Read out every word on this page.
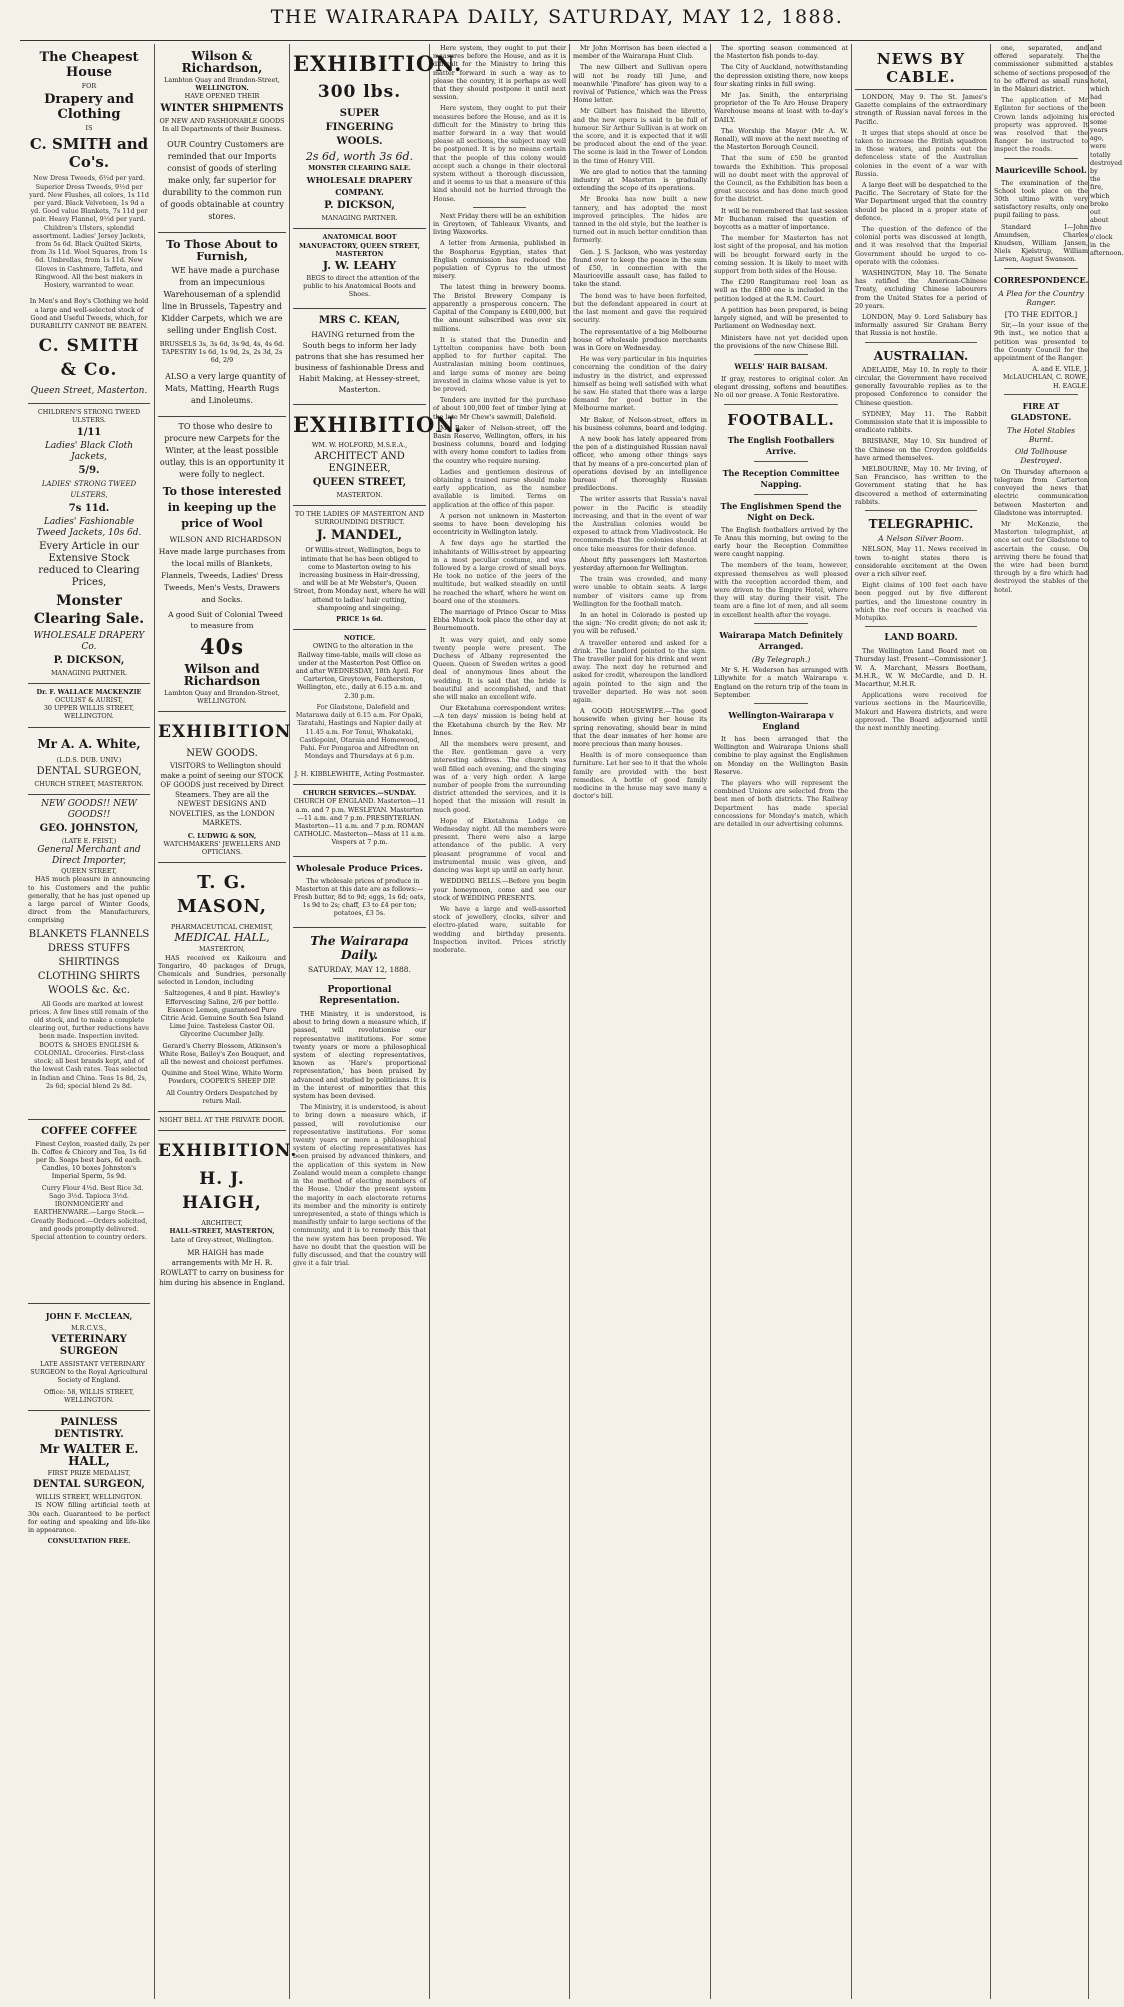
THE WAIRARAPA DAILY, SATURDAY, MAY 12, 1888.
The Cheapest House
FOR
Drapery and Clothing
IS
C. SMITH and Co's.
New Dress Tweeds, 6½d per yard. Superior Dress Tweeds, 9½d per yard. New Flushes, all colors, 1s 11d per yard. Black Velveteen, 1s 9d a yd. Good value Blankets, 7s 11d per pair. Heavy Flannel, 9½d per yard. Children's Ulsters, splendid assortment. Ladies' Jersey Jackets, from 5s 6d. Black Quilted Skirts, from 3s 11d. Wool Squares, from 1s 6d. Umbrellas, from 1s 11d. New Gloves in Cashmere, Taffeta, and Ringwood. All the best makers in Hosiery, warranted to wear.
In Men's and Boy's Clothing we hold a large and well-selected stock of Good and Useful Tweeds, which, for DURABILITY CANNOT BE BEATEN.
C. SMITH & Co.
Queen Street, Masterton.
CHILDREN'S STRONG TWEED ULSTERS.
1/11
Ladies' Black Cloth Jackets,
5/9.
LADIES' STRONG TWEED ULSTERS,
7s 11d.
Ladies' Fashionable Tweed Jackets, 10s 6d.
Every Article in our Extensive Stock reduced to Clearing Prices,
Monster Clearing Sale.
WHOLESALE DRAPERY Co.
P. DICKSON,
MANAGING PARTNER.
Dr. F. WALLACE MACKENZIE
OCULIST & AURIST,
30 UPPER WILLIS STREET, WELLINGTON.
Mr A. A. White,
(L.D.S. DUB. UNIV.)
DENTAL SURGEON,
CHURCH STREET, MASTERTON.
NEW GOODS!! NEW GOODS!!
GEO. JOHNSTON,
(LATE E. FEIST,)
General Merchant and Direct Importer,
QUEEN STREET,
HAS much pleasure in announcing to his Customers and the public generally, that he has just opened up a large parcel of Winter Goods, direct from the Manufacturers, comprising
BLANKETS FLANNELS DRESS STUFFS SHIRTINGS CLOTHING SHIRTS WOOLS &c. &c.
All Goods are marked at lowest prices. A few lines still remain of the old stock, and to make a complete clearing out, further reductions have been made. Inspection invited. BOOTS & SHOES ENGLISH & COLONIAL. Groceries. First-class stock; all best brands kept, and of the lowest Cash rates. Teas selected in Indian and China. Teas 1s 8d, 2s, 2s 6d; special blend 2s 8d.
COFFEE COFFEE
Finest Ceylon, roasted daily, 2s per lb. Coffee & Chicory and Tea, 1s 6d per lb. Soaps best bars, 6d each. Candles, 10 boxes Johnston's Imperial Sperm, 5s 9d.
Curry Flour 4½d. Best Rice 3d. Sago 3½d. Tapioca 3½d. IRONMONGERY and EARTHENWARE.—Large Stock.—Greatly Reduced.—Orders solicited, and goods promptly delivered. Special attention to country orders.
JOHN F. McCLEAN,
M.R.C.V.S.,
VETERINARY SURGEON
LATE ASSISTANT VETERINARY SURGEON to the Royal Agricultural Society of England.
Office: 58, WILLIS STREET, WELLINGTON.
PAINLESS DENTISTRY.
Mr WALTER E. HALL,
FIRST PRIZE MEDALIST,
DENTAL SURGEON,
WILLIS STREET, WELLINGTON.
IS NOW filling artificial teeth at 30s each. Guaranteed to be perfect for eating and speaking and life-like in appearance.
CONSULTATION FREE.
Wilson & Richardson,
Lambton Quay and Brandon-Street,
WELLINGTON.
HAVE OPENED THEIR
WINTER SHIPMENTS
OF NEW AND FASHIONABLE GOODS
In all Departments of their Business.
OUR Country Customers are reminded that our Imports consist of goods of sterling make only, far superior for durability to the common run of goods obtainable at country stores.
To Those About to Furnish,
WE have made a purchase from an impecunious Warehouseman of a splendid line in Brussels, Tapestry and Kidder Carpets, which we are selling under English Cost.
BRUSSELS 3s, 3s 6d, 3s 9d, 4s, 4s 6d.
TAPESTRY 1s 6d, 1s 9d, 2s, 2s 3d, 2s 6d, 2/9
ALSO a very large quantity of Mats, Matting, Hearth Rugs and Linoleums.
TO those who desire to procure new Carpets for the Winter, at the least possible outlay, this is an opportunity it were folly to neglect.
To those interested in keeping up the price of Wool
WILSON AND RICHARDSON Have made large purchases from the local mills of Blankets, Flannels, Tweeds, Ladies' Dress Tweeds, Men's Vests, Drawers and Socks.
A good Suit of Colonial Tweed to measure from
40s
Wilson and Richardson
Lambton Quay and Brandon-Street,
WELLINGTON.
EXHIBITION
NEW GOODS.
VISITORS to Wellington should make a point of seeing our STOCK OF GOODS just received by Direct Steamers. They are all the NEWEST DESIGNS AND NOVELTIES, as the LONDON MARKETS.
C. LUDWIG & SON,
WATCHMAKERS' JEWELLERS AND OPTICIANS.
T. G. MASON,
PHARMACEUTICAL CHEMIST,
MEDICAL HALL,
MASTERTON,
HAS received ex Kaikoura and Tongariro, 40 packages of Drugs, Chemicals and Sundries, personally selected in London, including
Saltzogenes, 4 and 8 pint. Hawley's Effervescing Saline, 2/6 per bottle. Essence Lemon, guaranteed Pure Citric Acid. Genuine South Sea Island Lime Juice. Tasteless Castor Oil. Glycerine Cucumber Jelly.
Gerard's Cherry Blossom, Atkinson's White Rose, Bailey's Zeo Bouquet, and all the newest and choicest perfumes.
Quinine and Steel Wine, White Worm Powders, COOPER'S SHEEP DIP.
All Country Orders Despatched by return Mail.
NIGHT BELL AT THE PRIVATE DOOR.
EXHIBITION.
H. J. HAIGH,
ARCHITECT,
HALL-STREET, MASTERTON,
Late of Grey-street, Wellington.
MR HAIGH has made arrangements with Mr H. R. ROWLATT to carry on business for him during his absence in England.
EXHIBITION.
300 lbs.
SUPER
FINGERING
WOOLS.
2s 6d, worth 3s 6d.
MONSTER CLEARING SALE.
WHOLESALE DRAPERY COMPANY.
P. DICKSON,
MANAGING PARTNER.
ANATOMICAL BOOT MANUFACTORY, QUEEN STREET, MASTERTON
J. W. LEAHY
BEGS to direct the attention of the public to his Anatomical Boots and Shoes.
MRS C. KEAN,
HAVING returned from the South begs to inform her lady patrons that she has resumed her business of fashionable Dress and Habit Making, at Hessey-street, Masterton.
EXHIBITION.
WM. W. HOLFORD, M.S.E.A.,
ARCHITECT AND ENGINEER,
QUEEN STREET,
MASTERTON.
TO THE LADIES OF MASTERTON AND SURROUNDING DISTRICT.
J. MANDEL,
Of Willis-street, Wellington, begs to intimate that he has been obliged to come to Masterton owing to his increasing business in Hair-dressing, and will be at Mr Webster's, Queen Street, from Monday next, where he will attend to ladies' hair cutting, shampooing and singeing.
PRICE 1s 6d.
NOTICE.
OWING to the alteration in the Railway time-table, mails will close as under at the Masterton Post Office on and after WEDNESDAY, 18th April. For Carterton, Greytown, Featherston, Wellington, etc., daily at 6.15 a.m. and 2.30 p.m.
For Gladstone, Dalefield and Matarawa daily at 6.15 a.m. For Opaki, Taratahi, Hastings and Napier daily at 11.45 a.m. For Tenui, Whakataki, Castlepoint, Otaraia and Homewood, Pahi. For Pongaroa and Alfredton on Mondays and Thursdays at 6 p.m.
J. H. KIBBLEWHITE, Acting Postmaster.
CHURCH SERVICES.—SUNDAY.
CHURCH OF ENGLAND. Masterton—11 a.m. and 7 p.m. WESLEYAN. Masterton—11 a.m. and 7 p.m. PRESBYTERIAN. Masterton—11 a.m. and 7 p.m. ROMAN CATHOLIC. Masterton—Mass at 11 a.m. Vespers at 7 p.m.
Wholesale Produce Prices.
The wholesale prices of produce in Masterton at this date are as follows:—Fresh butter, 8d to 9d; eggs, 1s 6d; oats, 1s 9d to 2s; chaff, £3 to £4 per ton; potatoes, £3 5s.
The Wairarapa Daily.
SATURDAY, MAY 12, 1888.
Proportional Representation.
THE Ministry, it is understood, is about to bring down a measure which, if passed, will revolutionise our representative institutions. For some twenty years or more a philosophical system of electing representatives, known as 'Hare's proportional representation,' has been praised by advanced and studied by politicians. It is in the interest of minorities that this system has been devised.
The Ministry, it is understood, is about to bring down a measure which, if passed, will revolutionise our representative institutions. For some twenty years or more a philosophical system of electing representatives has been praised by advanced thinkers, and the application of this system in New Zealand would mean a complete change in the method of electing members of the House. Under the present system the majority in each electorate returns its member and the minority is entirely unrepresented, a state of things which is manifestly unfair to large sections of the community, and it is to remedy this that the new system has been proposed. We have no doubt that the question will be fully discussed, and that the country will give it a fair trial.
Here system, they ought to put their measures before the House, and as it is difficult for the Ministry to bring this matter forward in such a way as to please the country, it is perhaps as well that they should postpone it until next session.
Here system, they ought to put their measures before the House, and as it is difficult for the Ministry to bring this matter forward in a way that would please all sections, the subject may well be postponed. It is by no means certain that the people of this colony would accept such a change in their electoral system without a thorough discussion, and it seems to us that a measure of this kind should not be hurried through the House.
Next Friday there will be an exhibition in Greytown, of Tableaux Vivants, and living Waxworks.
A letter from Armenia, published in the Bosphorus Egyptian, states that English commission has reduced the population of Cyprus to the utmost misery.
The latest thing in brewery booms. The Bristol Brewery Company is apparently a prosperous concern. The Capital of the Company is £400,000, but the amount subscribed was over six millions.
It is stated that the Dunedin and Lyttelton companies have both been applied to for further capital. The Australasian mining boom continues, and large sums of money are being invested in claims whose value is yet to be proved.
Tenders are invited for the purchase of about 100,000 feet of timber lying at the late Mr Chew's sawmill, Dalefield.
Mr Baker of Nelson-street, off the Basin Reserve, Wellington, offers, in his business columns, board and lodging with every home comfort to ladies from the country who require nursing.
Ladies and gentlemen desirous of obtaining a trained nurse should make early application, as the number available is limited. Terms on application at the office of this paper.
A person not unknown in Masterton seems to have been developing his eccentricity in Wellington lately.
A few days ago he startled the inhabitants of Willis-street by appearing in a most peculiar costume, and was followed by a large crowd of small boys. He took no notice of the jeers of the multitude, but walked steadily on until he reached the wharf, where he went on board one of the steamers.
The marriage of Prince Oscar to Miss Ebba Munck took place the other day at Bournemouth.
It was very quiet, and only some twenty people were present. The Duchess of Albany represented the Queen. Queen of Sweden writes a good deal of anonymous lines about the wedding. It is said that the bride is beautiful and accomplished, and that she will make an excellent wife.
Our Eketahuna correspondent writes:—A ten days' mission is being held at the Eketahuna church by the Rev. Mr Innes.
All the members were present, and the Rev. gentleman gave a very interesting address. The church was well filled each evening, and the singing was of a very high order. A large number of people from the surrounding district attended the services, and it is hoped that the mission will result in much good.
Hope of Eketahuna Lodge on Wednesday night. All the members were present. There were also a large attendance of the public. A very pleasant programme of vocal and instrumental music was given, and dancing was kept up until an early hour.
WEDDING BELLS.—Before you begin your honeymoon, come and see our stock of WEDDING PRESENTS.
We have a large and well-assorted stock of jewellery, clocks, silver and electro-plated ware, suitable for wedding and birthday presents. Inspection invited. Prices strictly moderate.
Mr John Morrison has been elected a member of the Wairarapa Hunt Club.
The new Gilbert and Sullivan opera will not be ready till June, and meanwhile 'Pinafore' has given way to a revival of 'Patience,' which was the Press Home letter.
Mr Gilbert has finished the libretto, and the new opera is said to be full of humour. Sir Arthur Sullivan is at work on the score, and it is expected that it will be produced about the end of the year. The scene is laid in the Tower of London in the time of Henry VIII.
We are glad to notice that the tanning industry at Masterton is gradually extending the scope of its operations.
Mr Brooks has now built a new tannery, and has adopted the most improved principles. The hides are tanned in the old style, but the leather is turned out in much better condition than formerly.
Gen. J. S. Jackson, who was yesterday found over to keep the peace in the sum of £50, in connection with the Mauriceville assault case, has failed to take the stand.
The bond was to have been forfeited, but the defendant appeared in court at the last moment and gave the required security.
The representative of a big Melbourne house of wholesale produce merchants was in Gore on Wednesday.
He was very particular in his inquiries concerning the condition of the dairy industry in the district, and expressed himself as being well satisfied with what he saw. He stated that there was a large demand for good butter in the Melbourne market.
Mr Baker, of Nelson-street, offers in his business columns, board and lodging.
A new book has lately appeared from the pen of a distinguished Russian naval officer, who among other things says that by means of a pre-concerted plan of operations devised by an intelligence bureau of thoroughly Russian predilections.
The writer asserts that Russia's naval power in the Pacific is steadily increasing, and that in the event of war the Australian colonies would be exposed to attack from Vladivostock. He recommends that the colonies should at once take measures for their defence.
About fifty passengers left Masterton yesterday afternoon for Wellington.
The train was crowded, and many were unable to obtain seats. A large number of visitors came up from Wellington for the football match.
In an hotel in Colorado is posted up the sign: 'No credit given; do not ask it; you will be refused.'
A traveller entered and asked for a drink. The landlord pointed to the sign. The traveller paid for his drink and went away. The next day he returned and asked for credit, whereupon the landlord again pointed to the sign and the traveller departed. He was not seen again.
A GOOD HOUSEWIFE.—The good housewife when giving her house its spring renovating, should bear in mind that the dear inmates of her home are more precious than many houses.
Health is of more consequence than furniture. Let her see to it that the whole family are provided with the best remedies. A bottle of good family medicine in the house may save many a doctor's bill.
The sporting season commenced at the Masterton fish ponds to-day.
The City of Auckland, notwithstanding the depression existing there, now keeps four skating rinks in full swing.
Mr Jas. Smith, the enterprising proprietor of the Te Aro House Drapery Warehouse means at least with to-day's DAILY.
The Worship the Mayor (Mr A. W. Renall), will move at the next meeting of the Masterton Borough Council.
That the sum of £50 be granted towards the Exhibition. This proposal will no doubt meet with the approval of the Council, as the Exhibition has been a great success and has done much good for the district.
It will be remembered that last session Mr Buchanan raised the question of boycotts as a matter of importance.
The member for Masterton has not lost sight of the proposal, and his motion will be brought forward early in the coming session. It is likely to meet with support from both sides of the House.
The £200 Rangitumau reel loan as well as the £800 one is included in the petition lodged at the R.M. Court.
A petition has been prepared, is being largely signed, and will be presented to Parliament on Wednesday next.
Ministers have not yet decided upon the provisions of the new Chinese Bill.
WELLS' HAIR BALSAM.
If gray, restores to original color. An elegant dressing, softens and beautifies. No oil nor grease. A Tonic Restorative.
FOOTBALL.
The English Footballers Arrive.
The Reception Committee Napping.
The Englishmen Spend the Night on Deck.
The English footballers arrived by the Te Anau this morning, but owing to the early hour the Reception Committee were caught napping.
The members of the team, however, expressed themselves as well pleased with the reception accorded them, and were driven to the Empire Hotel, where they will stay during their visit. The team are a fine lot of men, and all seem in excellent health after the voyage.
Wairarapa Match Definitely Arranged.
(By Telegraph.)
Mr S. H. Wederson has arranged with Lillywhite for a match Wairarapa v. England on the return trip of the team in September.
Wellington-Wairarapa v England
It has been arranged that the Wellington and Wairarapa Unions shall combine to play against the Englishmen on Monday on the Wellington Basin Reserve.
The players who will represent the combined Unions are selected from the best men of both districts. The Railway Department has made special concessions for Monday's match, which are detailed in our advertising columns.
NEWS BY CABLE.
LONDON, May 9. The St. James's Gazette complains of the extraordinary strength of Russian naval forces in the Pacific.
It urges that steps should at once be taken to increase the British squadron in those waters, and points out the defenceless state of the Australian colonies in the event of a war with Russia.
A large fleet will be despatched to the Pacific. The Secretary of State for the War Department urged that the country should be placed in a proper state of defence.
The question of the defence of the colonial ports was discussed at length, and it was resolved that the Imperial Government should be urged to co-operate with the colonies.
WASHINGTON, May 10. The Senate has ratified the American-Chinese Treaty, excluding Chinese labourers from the United States for a period of 20 years.
LONDON, May 9. Lord Salisbury has informally assured Sir Graham Berry that Russia is not hostile.
AUSTRALIAN.
ADELAIDE, May 10. In reply to their circular, the Government have received generally favourable replies as to the proposed Conference to consider the Chinese question.
SYDNEY, May 11. The Rabbit Commission state that it is impossible to eradicate rabbits.
BRISBANE, May 10. Six hundred of the Chinese on the Croydon goldfields have armed themselves.
MELBOURNE, May 10. Mr Irving, of San Francisco, has written to the Government stating that he has discovered a method of exterminating rabbits.
TELEGRAPHIC.
A Nelson Silver Boom.
NELSON, May 11. News received in town to-night states there is considerable excitement at the Owen over a rich silver reef.
Eight claims of 100 feet each have been pegged out by five different parties, and the limestone country in which the reef occurs is reached via Motupiko.
LAND BOARD.
The Wellington Land Board met on Thursday last. Present—Commissioner J. W. A. Marchant, Messrs Beetham, M.H.R., W. W. McCardle, and D. H. Macarthur, M.H.R.
Applications were received for various sections in the Mauriceville, Makuri and Hawera districts, and were approved. The Board adjourned until the next monthly meeting.
one, separated, and offered separately. The commissioner submitted a scheme of sections proposed to be offered as small runs in the Makuri district.
The application of Mr Eglinton for sections of the Crown lands adjoining his property was approved. It was resolved that the Ranger be instructed to inspect the roads.
Mauriceville School.
The examination of the School took place on the 30th ultimo with very satisfactory results, only one pupil failing to pass.
Standard I—John Amundsen, Charles Knudsen, William Jansen, Niels Kjølstrup, William Larsen, August Swanson.
CORRESPONDENCE.
A Plea for the Country Ranger.
[TO THE EDITOR.]
Sir,—In your issue of the 9th inst., we notice that a petition was presented to the County Council for the appointment of the Ranger.
A. and E. VILE, J. McLAUCHLAN, C. ROWE, H. EAGLE.
FIRE AT GLADSTONE.
The Hotel Stables Burnt.
Old Tollhouse Destroyed.
On Thursday afternoon a telegram from Carterton conveyed the news that electric communication between Masterton and Gladstone was interrupted.
Mr McKenzie, the Masterton telegraphist, at once set out for Gladstone to ascertain the cause. On arriving there he found that the wire had been burnt through by a fire which had destroyed the stables of the hotel.
and the stables of the hotel, which had been erected some years ago, were totally destroyed by the fire, which broke out about five o'clock in the afternoon.
